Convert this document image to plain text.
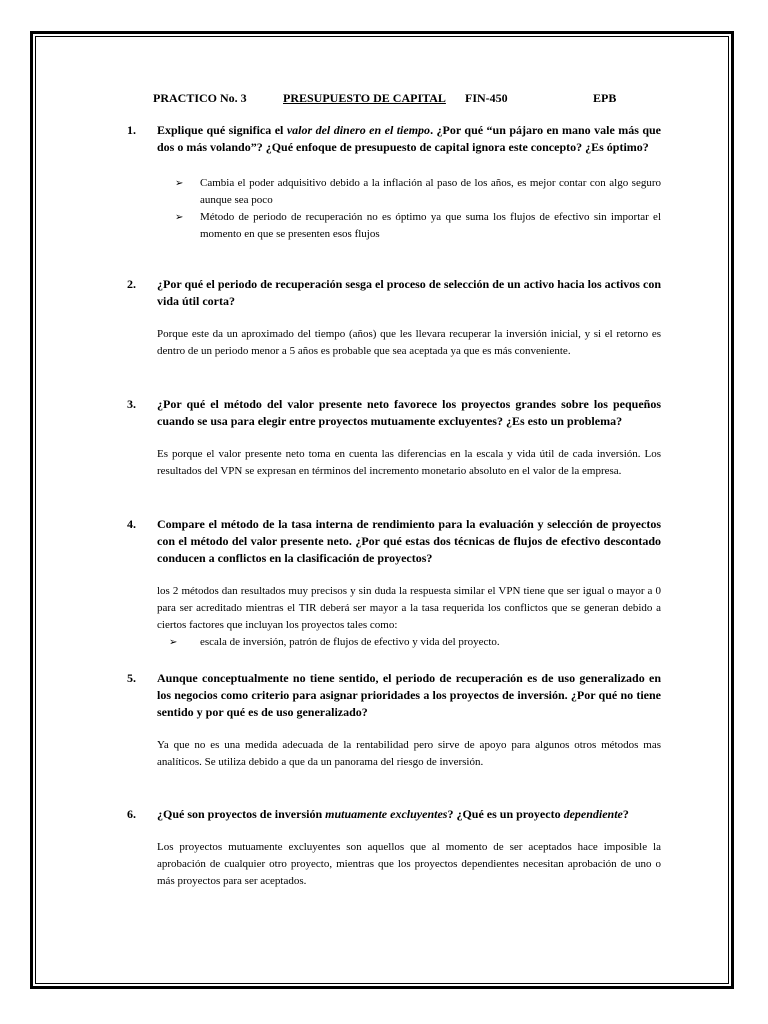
PRACTICO No. 3	PRESUPUESTO DE CAPITAL FIN-450	EPB
1. Explique qué significa el valor del dinero en el tiempo. ¿Por qué “un pájaro en mano vale más que dos o más volando”? ¿Qué enfoque de presupuesto de capital ignora este concepto? ¿Es óptimo?
➢ Cambia el poder adquisitivo debido a la inflación al paso de los años, es mejor contar con algo seguro aunque sea poco
➢ Método de periodo de recuperación no es óptimo ya que suma los flujos de efectivo sin importar el momento en que se presenten esos flujos
2. ¿Por qué el periodo de recuperación sesga el proceso de selección de un activo hacia los activos con vida útil corta?
Porque este da un aproximado del tiempo (años) que les llevara recuperar la inversión inicial, y si el retorno es dentro de un periodo menor a 5 años es probable que sea aceptada ya que es más conveniente.
3. ¿Por qué el método del valor presente neto favorece los proyectos grandes sobre los pequeños cuando se usa para elegir entre proyectos mutuamente excluyentes? ¿Es esto un problema?
Es porque el valor presente neto toma en cuenta las diferencias en la escala y vida útil de cada inversión. Los resultados del VPN se expresan en términos del incremento monetario absoluto en el valor de la empresa.
4. Compare el método de la tasa interna de rendimiento para la evaluación y selección de proyectos con el método del valor presente neto. ¿Por qué estas dos técnicas de flujos de efectivo descontado conducen a conflictos en la clasificación de proyectos?
los 2 métodos dan resultados muy precisos y sin duda la respuesta similar el VPN tiene que ser igual o mayor a 0 para ser acreditado mientras el TIR deberá ser mayor a la tasa requerida los conflictos que se generan debido a ciertos factores que incluyan los proyectos tales como:
➢ escala de inversión, patrón de flujos de efectivo y vida del proyecto.
5. Aunque conceptualmente no tiene sentido, el periodo de recuperación es de uso generalizado en los negocios como criterio para asignar prioridades a los proyectos de inversión. ¿Por qué no tiene sentido y por qué es de uso generalizado?
Ya que no es una medida adecuada de la rentabilidad pero sirve de apoyo para algunos otros métodos mas analíticos. Se utiliza debido a que da un panorama del riesgo de inversión.
6. ¿Qué son proyectos de inversión mutuamente excluyentes? ¿Qué es un proyecto dependiente?
Los proyectos mutuamente excluyentes son aquellos que al momento de ser aceptados hace imposible la aprobación de cualquier otro proyecto, mientras que los proyectos dependientes necesitan aprobación de uno o más proyectos para ser aceptados.
